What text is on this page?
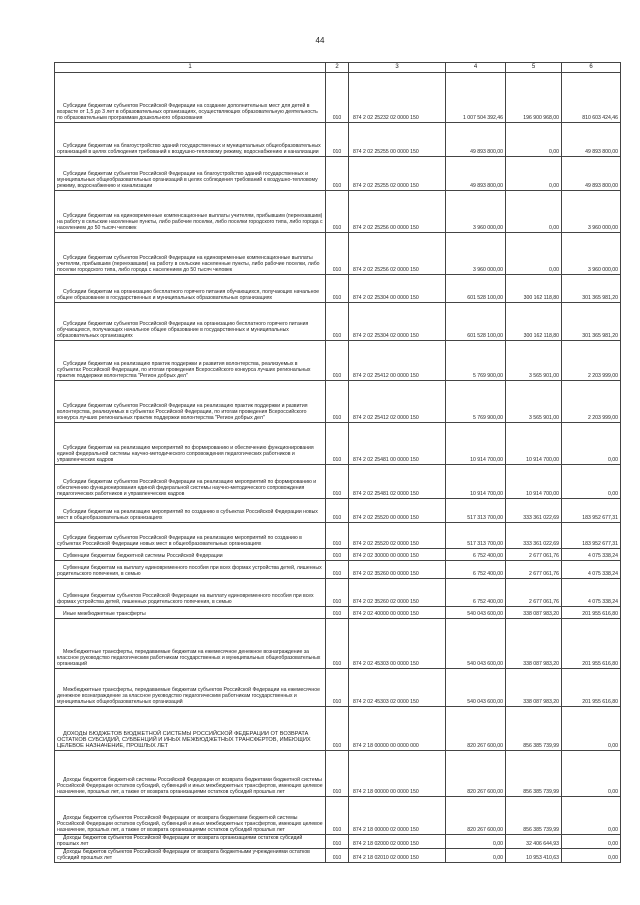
44
1	2	3	4	5	6
Субсидии бюджетам субъектов Российской Федерации на создание дополнительных мест для детей в возрасте от 1,5 до 3 лет в образовательных организациях, осуществляющих образовательную деятельность по образовательным программам дошкольного образования	010	874 2 02 25232 02 0000 150	1 007 504 392,46	196 900 968,00	810 603 424,46
Субсидии бюджетам на благоустройство зданий государственных и муниципальных общеобразовательных организаций в целях соблюдения требований к воздушно-тепловому режиму, водоснабжению и канализации	010	874 2 02 25255 00 0000 150	49 893 800,00	0,00	49 893 800,00
Субсидии бюджетам субъектов Российской Федерации на благоустройство зданий государственных и муниципальных общеобразовательных организаций в целях соблюдения требований к воздушно-тепловому режиму, водоснабжению и канализации	010	874 2 02 25255 02 0000 150	49 893 800,00	0,00	49 893 800,00
Субсидии бюджетам на единовременные компенсационные выплаты учителям, прибывшим (переехавшим) на работу в сельские населенные пункты, либо рабочие поселки, либо поселки городского типа, либо города с населением до 50 тысяч человек	010	874 2 02 25256 00 0000 150	3 960 000,00	0,00	3 960 000,00
Субсидии бюджетам субъектов Российской Федерации на единовременные компенсационные выплаты учителям, прибывшим (переехавшим) на работу в сельские населенные пункты, либо рабочие поселки, либо поселки городского типа, либо города с населением до 50 тысяч человек	010	874 2 02 25256 02 0000 150	3 960 000,00	0,00	3 960 000,00
Субсидии бюджетам на организацию бесплатного горячего питания обучающихся, получающих начальное общее образование в государственных и муниципальных образовательных организациях	010	874 2 02 25304 00 0000 150	601 528 100,00	300 162 118,80	301 365 981,20
Субсидии бюджетам субъектов Российской Федерации на организацию бесплатного горячего питания обучающихся, получающих начальное общее образование в государственных и муниципальных образовательных организациях	010	874 2 02 25304 02 0000 150	601 528 100,00	300 162 118,80	301 365 981,20
Субсидии бюджетам на реализацию практик поддержки и развития волонтерства, реализуемых в субъектах Российской Федерации, по итогам проведения Всероссийского конкурса лучших региональных практик поддержки волонтерства "Регион добрых дел"	010	874 2 02 25412 00 0000 150	5 769 900,00	3 565 901,00	2 203 999,00
Субсидии бюджетам субъектов Российской Федерации на реализацию практик поддержки и развития волонтерства, реализуемых в субъектах Российской Федерации, по итогам проведения Всероссийского конкурса лучших региональных практик поддержки волонтерства "Регион добрых дел"	010	874 2 02 25412 02 0000 150	5 769 900,00	3 565 901,00	2 203 999,00
Субсидии бюджетам на реализацию мероприятий по формированию и обеспечению функционирования единой федеральной системы научно-методического сопровождения педагогических работников и управленческих кадров	010	874 2 02 25481 00 0000 150	10 914 700,00	10 914 700,00	0,00
Субсидии бюджетам субъектов Российской Федерации на реализацию мероприятий по формированию и обеспечению функционирования единой федеральной системы научно-методического сопровождения педагогических работников и управленческих кадров	010	874 2 02 25481 02 0000 150	10 914 700,00	10 914 700,00	0,00
Субсидии бюджетам на реализацию мероприятий по созданию в субъектах Российской Федерации новых мест в общеобразовательных организациях	010	874 2 02 25520 00 0000 150	517 313 700,00	333 361 022,69	183 952 677,31
Субсидии бюджетам субъектов Российской Федерации на реализацию мероприятий по созданию в субъектах Российской Федерации новых мест в общеобразовательных организациях	010	874 2 02 25520 02 0000 150	517 313 700,00	333 361 022,69	183 952 677,31
Субвенции бюджетам бюджетной системы Российской Федерации	010	874 2 02 30000 00 0000 150	6 752 400,00	2 677 061,76	4 075 338,24
Субвенции бюджетам на выплату единовременного пособия при всех формах устройства детей, лишенных родительского попечения, в семью	010	874 2 02 35260 00 0000 150	6 752 400,00	2 677 061,76	4 075 338,24
Субвенции бюджетам субъектов Российской Федерации на выплату единовременного пособия при всех формах устройства детей, лишенных родительского попечения, в семью	010	874 2 02 35260 02 0000 150	6 752 400,00	2 677 061,76	4 075 338,24
Иные межбюджетные трансферты	010	874 2 02 40000 00 0000 150	540 043 600,00	338 087 983,20	201 955 616,80
Межбюджетные трансферты, передаваемые бюджетам на ежемесячное денежное вознаграждение за классное руководство педагогическим работникам государственных и муниципальных общеобразовательных организаций	010	874 2 02 45303 00 0000 150	540 043 600,00	338 087 983,20	201 955 616,80
Межбюджетные трансферты, передаваемые бюджетам субъектов Российской Федерации на ежемесячное денежное вознаграждение за классное руководство педагогическим работникам государственных и муниципальных общеобразовательных организаций	010	874 2 02 45303 02 0000 150	540 043 600,00	338 087 983,20	201 955 616,80
ДОХОДЫ БЮДЖЕТОВ БЮДЖЕТНОЙ СИСТЕМЫ РОССИЙСКОЙ ФЕДЕРАЦИИ ОТ ВОЗВРАТА ОСТАТКОВ СУБСИДИЙ, СУБВЕНЦИЙ И ИНЫХ МЕЖБЮДЖЕТНЫХ ТРАНСФЕРТОВ, ИМЕЮЩИХ ЦЕЛЕВОЕ НАЗНАЧЕНИЕ, ПРОШЛЫХ ЛЕТ	010	874 2 18 00000 00 0000 000	820 267 600,00	856 385 739,99	0,00
Доходы бюджетов бюджетной системы Российской Федерации от возврата бюджетами бюджетной системы Российской Федерации остатков субсидий, субвенций и иных межбюджетных трансфертов, имеющих целевое назначение, прошлых лет, а также от возврата организациями остатков субсидий прошлых лет	010	874 2 18 00000 00 0000 150	820 267 600,00	856 385 739,99	0,00
Доходы бюджетов субъектов Российской Федерации от возврата бюджетами бюджетной системы Российской Федерации остатков субсидий, субвенций и иных межбюджетных трансфертов, имеющих целевое назначение, прошлых лет, а также от возврата организациями остатков субсидий прошлых лет	010	874 2 18 00000 02 0000 150	820 267 600,00	856 385 739,99	0,00
Доходы бюджетов субъектов Российской Федерации от возврата организациями остатков субсидий прошлых лет	010	874 2 18 02000 02 0000 150	0,00	32 406 644,93	0,00
Доходы бюджетов субъектов Российской Федерации от возврата бюджетными учреждениями остатков субсидий прошлых лет	010	874 2 18 02010 02 0000 150	0,00	10 953 410,63	0,00
